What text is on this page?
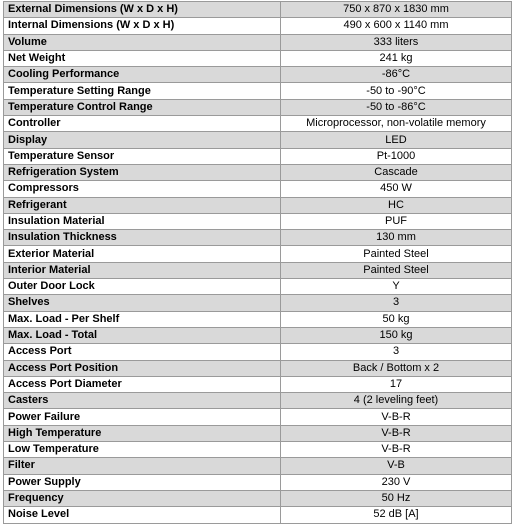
External Dimensions (W x D x H)	750 x 870 x 1830 mm
Internal Dimensions (W x D x H)	490 x 600 x 1140 mm
Volume	333 liters
Net Weight	241 kg
Cooling Performance	-86°C
Temperature Setting Range	-50 to -90°C
Temperature Control Range	-50 to -86°C
Controller	Microprocessor, non-volatile memory
Display	LED
Temperature Sensor	Pt-1000
Refrigeration System	Cascade
Compressors	450 W
Refrigerant	HC
Insulation Material	PUF
Insulation Thickness	130 mm
Exterior Material	Painted Steel
Interior Material	Painted Steel
Outer Door Lock	Y
Shelves	3
Max. Load - Per Shelf	50 kg
Max. Load - Total	150 kg
Access Port	3
Access Port Position	Back / Bottom x 2
Access Port Diameter	17
Casters	4 (2 leveling feet)
Power Failure	V-B-R
High Temperature	V-B-R
Low Temperature	V-B-R
Filter	V-B
Power Supply	230 V
Frequency	50 Hz
Noise Level	52 dB [A]
